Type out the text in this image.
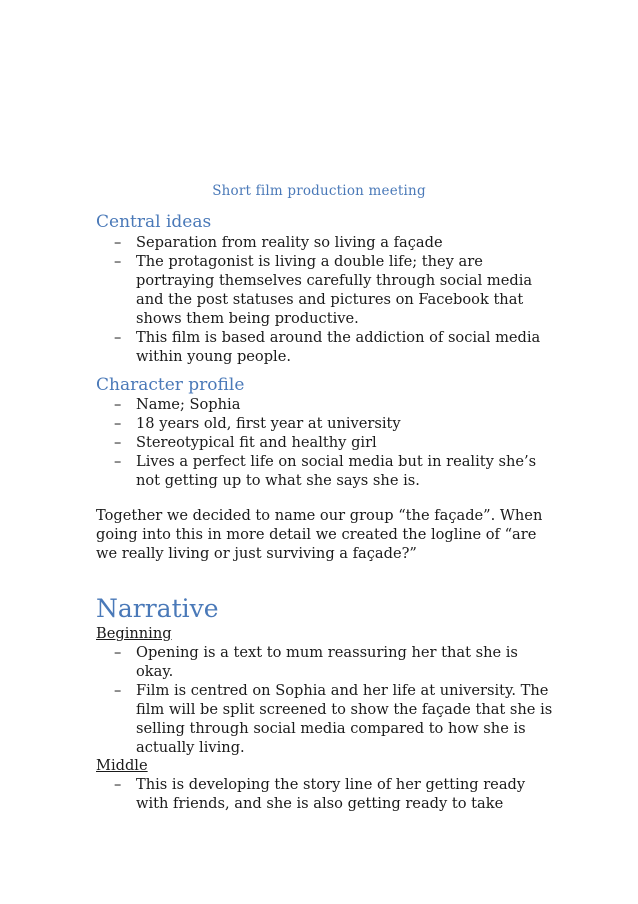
Short film production meeting
Central ideas
– Separation from reality so living a façade
– The protagonist is living a double life; they are portraying themselves carefully through social media and the post statuses and pictures on Facebook that shows them being productive.
– This film is based around the addiction of social media within young people.
Character profile
– Name; Sophia
– 18 years old, first year at university
– Stereotypical fit and healthy girl
– Lives a perfect life on social media but in reality she’s not getting up to what she says she is.

Together we decided to name our group “the façade”. When going into this in more detail we created the logline of “are we really living or just surviving a façade?”

Narrative
Beginning
– Opening is a text to mum reassuring her that she is okay.
– Film is centred on Sophia and her life at university. The film will be split screened to show the façade that she is selling through social media compared to how she is actually living.
Middle
– This is developing the story line of her getting ready with friends, and she is also getting ready to take
